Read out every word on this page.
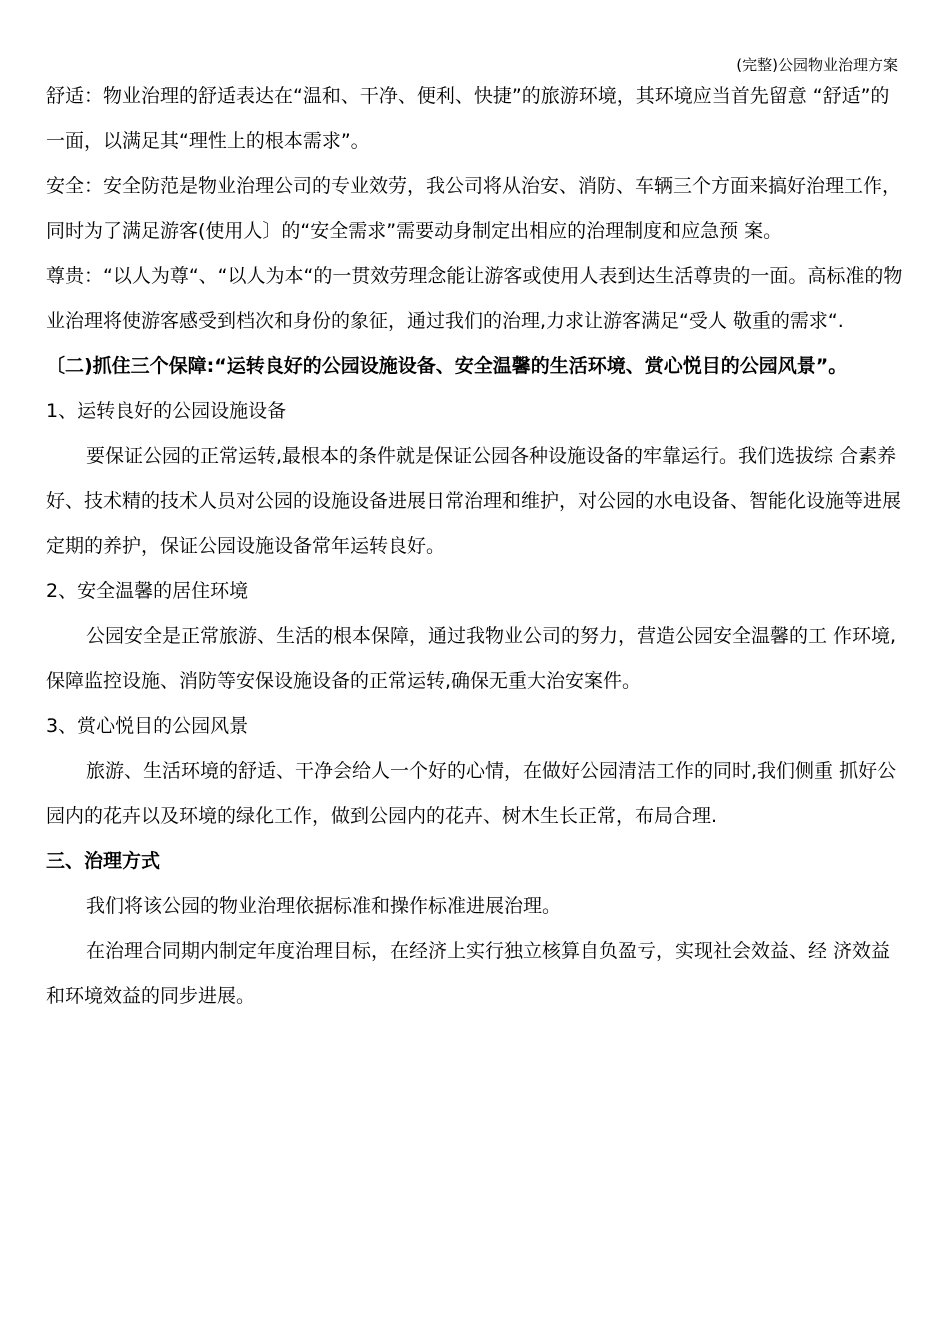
(完整)公园物业治理方案

舒适：物业治理的舒适表达在“温和、干净、便利、快捷”的旅游环境，其环境应当首先留意 “舒适”的一面，以满足其“理性上的根本需求”。

安全：安全防范是物业治理公司的专业效劳，我公司将从治安、消防、车辆三个方面来搞好治理工作，同时为了满足游客(使用人〕的“安全需求”需要动身制定出相应的治理制度和应急预 案。

尊贵：“以人为尊“、“以人为本“的一贯效劳理念能让游客或使用人表到达生活尊贵的一面。高标准的物业治理将使游客感受到档次和身份的象征，通过我们的治理,力求让游客满足“受人 敬重的需求“.

〔二)抓住三个保障:“运转良好的公园设施设备、安全温馨的生活环境、赏心悦目的公园风景”。

1、运转良好的公园设施设备

要保证公园的正常运转,最根本的条件就是保证公园各种设施设备的牢靠运行。我们选拔综 合素养好、技术精的技术人员对公园的设施设备进展日常治理和维护，对公园的水电设备、智能化设施等进展定期的养护，保证公园设施设备常年运转良好。

2、安全温馨的居住环境

公园安全是正常旅游、生活的根本保障，通过我物业公司的努力，营造公园安全温馨的工 作环境,保障监控设施、消防等安保设施设备的正常运转,确保无重大治安案件。

3、赏心悦目的公园风景

旅游、生活环境的舒适、干净会给人一个好的心情，在做好公园清洁工作的同时,我们侧重 抓好公园内的花卉以及环境的绿化工作，做到公园内的花卉、树木生长正常，布局合理.

三、治理方式

我们将该公园的物业治理依据标准和操作标准进展治理。

在治理合同期内制定年度治理目标，在经济上实行独立核算自负盈亏，实现社会效益、经 济效益和环境效益的同步进展。
